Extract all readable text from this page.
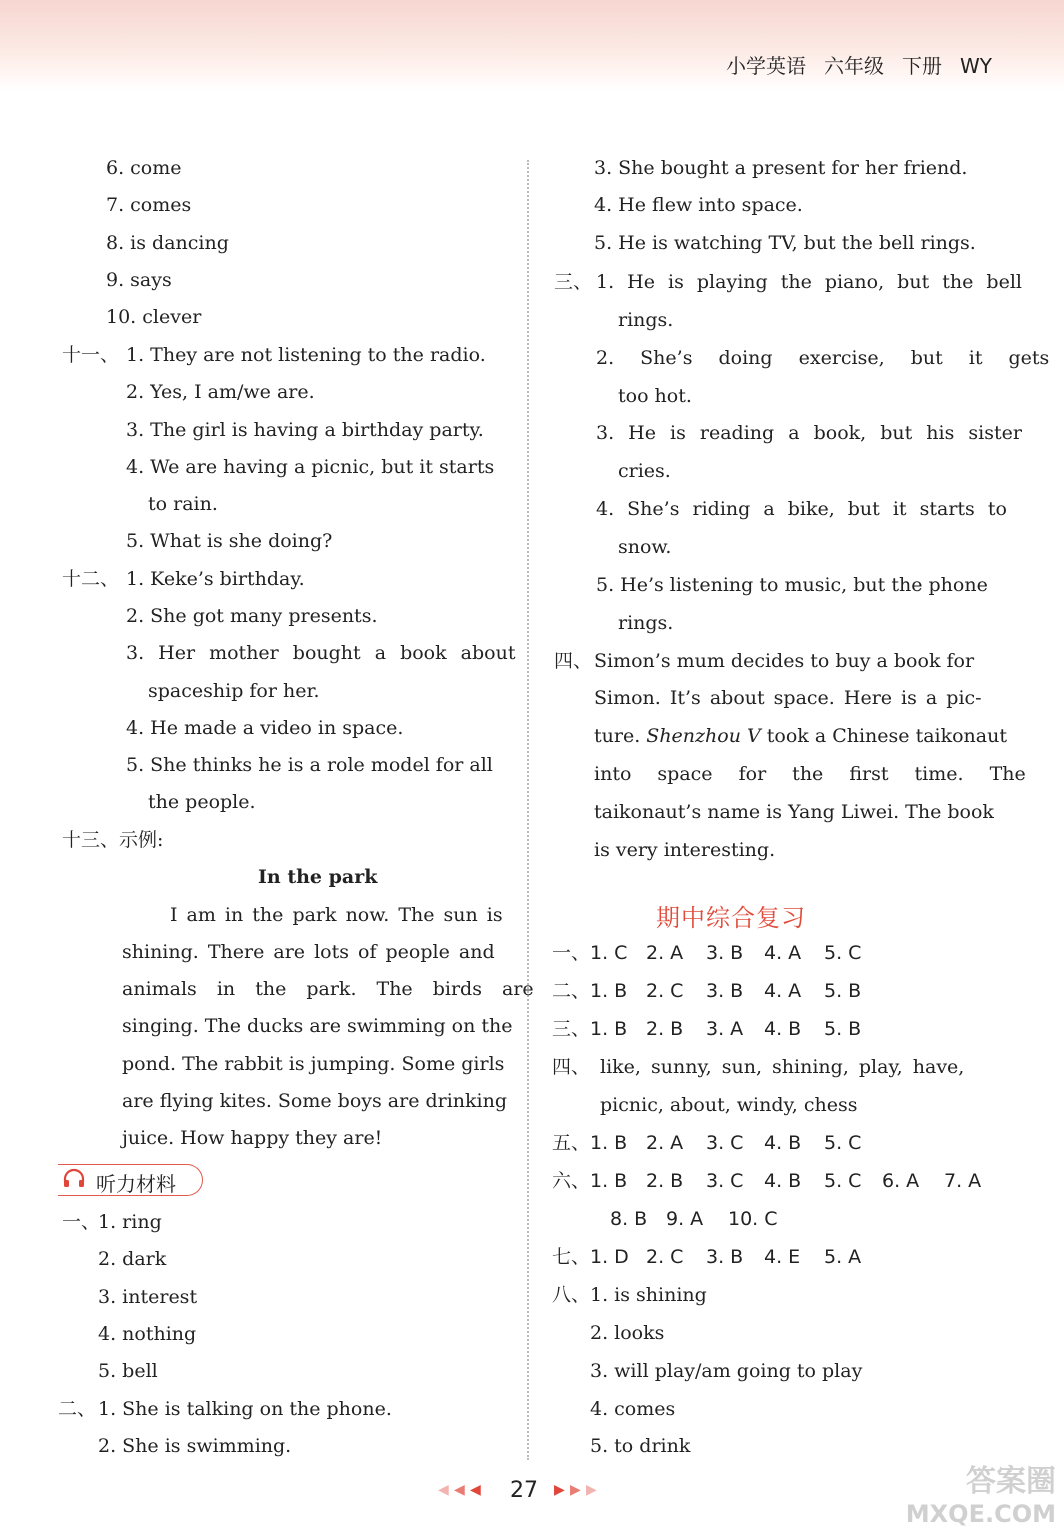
小学英语 六年级 下册 WY
6. come
7. comes
8. is dancing
9. says
10. clever
十一、 1. They are not listening to the radio.
2. Yes, I am/we are.
3. The girl is having a birthday party.
4. We are having a picnic, but it starts
to rain.
5. What is she doing?
十二、 1. Keke’s birthday.
2. She got many presents.
3. Her mother bought a book about
spaceship for her.
4. He made a video in space.
5. She thinks he is a role model for all
the people.
十三、示例:
In the park
I am in the park now. The sun is
shining. There are lots of people and
animals in the park. The birds are
singing. The ducks are swimming on the
pond. The rabbit is jumping. Some girls
are flying kites. Some boys are drinking
juice. How happy they are!
听力材料
一、
1. ring
2. dark
3. interest
4. nothing
5. bell
二、 1. She is talking on the phone.
2. She is swimming.
3. She bought a present for her friend.
4. He flew into space.
5. He is watching TV, but the bell rings.
三、 1. He is playing the piano, but the bell
rings.
2. She’s doing exercise, but it gets
too hot.
3. He is reading a book, but his sister
cries.
4. She’s riding a bike, but it starts to
snow.
5. He’s listening to music, but the phone
rings.
四、 Simon’s mum decides to buy a book for
Simon. It’s about space. Here is a pic-
ture. Shenzhou V took a Chinese taikonaut
into space for the first time. The
taikonaut’s name is Yang Liwei. The book
is very interesting.
期中综合复习
一、 1. C 2. A 3. B 4. A 5. C
二、 1. B 2. C 3. B 4. A 5. B
三、 1. B 2. B 3. A 4. B 5. B
四、 like, sunny, sun, shining, play, have,
picnic, about, windy, chess
五、 1. B 2. A 3. C 4. B 5. C
六、 1. B 2. B 3. C 4. B 5. C 6. A 7. A
8. B 9. A 10. C
七、 1. D 2. C 3. B 4. E 5. A
八、 1. is shining
2. looks
3. will play/am going to play
4. comes
5. to drink
◀ ◀ ◀ 27 ▶ ▶ ▶	答案圈
MXQE.COM
